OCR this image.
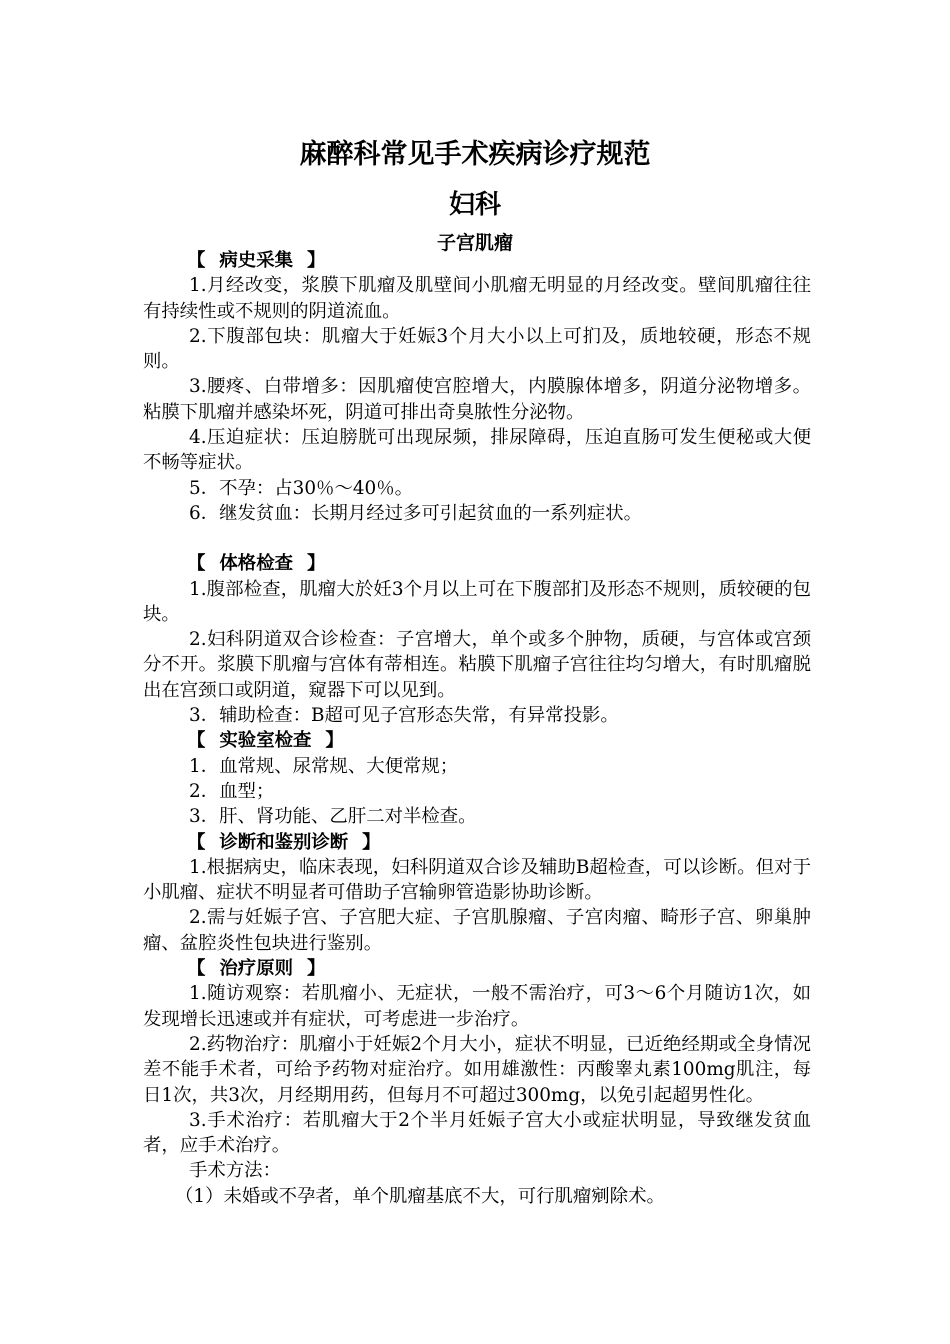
麻醉科常见手术疾病诊疗规范
妇科
子宫肌瘤

【 病史采集 】

1.月经改变，浆膜下肌瘤及肌壁间小肌瘤无明显的月经改变。壁间肌瘤往往有持续性或不规则的阴道流血。

2.下腹部包块：肌瘤大于妊娠3个月大小以上可扪及，质地较硬，形态不规则。

3.腰疼、白带增多：因肌瘤使宫腔增大，内膜腺体增多，阴道分泌物增多。粘膜下肌瘤并感染坏死，阴道可排出奇臭脓性分泌物。

4.压迫症状：压迫膀胱可出现尿频，排尿障碍，压迫直肠可发生便秘或大便不畅等症状。

5．不孕：占30％～40％。

6．继发贫血：长期月经过多可引起贫血的一系列症状。

【 体格检查 】

1.腹部检查，肌瘤大於妊3个月以上可在下腹部扪及形态不规则，质较硬的包块。

2.妇科阴道双合诊检查：子宫增大，单个或多个肿物，质硬，与宫体或宫颈分不开。浆膜下肌瘤与宫体有蒂相连。粘膜下肌瘤子宫往往均匀增大，有时肌瘤脱出在宫颈口或阴道，窥器下可以见到。

3．辅助检查：B超可见子宫形态失常，有异常投影。

【 实验室检查 】

1．血常规、尿常规、大便常规；

2．血型；

3．肝、肾功能、乙肝二对半检查。

【 诊断和鉴别诊断 】

1.根据病史，临床表现，妇科阴道双合诊及辅助B超检查，可以诊断。但对于小肌瘤、症状不明显者可借助子宫输卵管造影协助诊断。

2.需与妊娠子宫、子宫肥大症、子宫肌腺瘤、子宫肉瘤、畸形子宫、卵巢肿瘤、盆腔炎性包块进行鉴别。

【 治疗原则 】

1.随访观察：若肌瘤小、无症状，一般不需治疗，可3～6个月随访1次，如发现增长迅速或并有症状，可考虑进一步治疗。

2.药物治疗：肌瘤小于妊娠2个月大小，症状不明显，已近绝经期或全身情况差不能手术者，可给予药物对症治疗。如用雄激性：丙酸睾丸素100mg肌注，每日1次，共3次，月经期用药，但每月不可超过300mg，以免引起超男性化。

3.手术治疗：若肌瘤大于2个半月妊娠子宫大小或症状明显，导致继发贫血者，应手术治疗。

手术方法：

（1）未婚或不孕者，单个肌瘤基底不大，可行肌瘤剜除术。
